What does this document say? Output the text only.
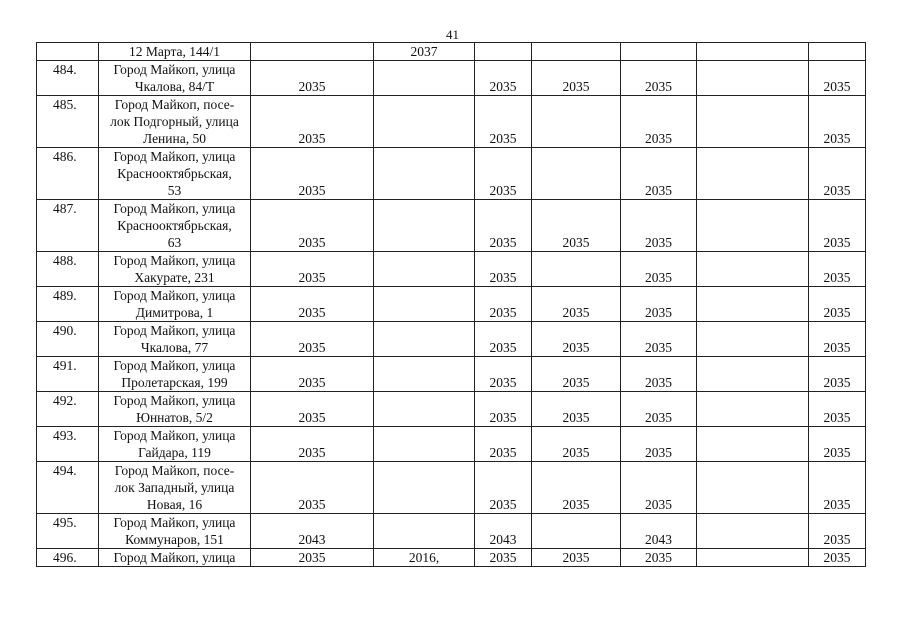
41

	12 Марта, 144/1		2037					
484.	Город Майкоп, улица
Чкалова, 84/Т	2035		2035	2035	2035		2035
485.	Город Майкоп, посе-
лок Подгорный, улица
Ленина, 50	2035		2035		2035		2035
486.	Город Майкоп, улица
Краснооктябрьская,
53	2035		2035		2035		2035
487.	Город Майкоп, улица
Краснооктябрьская,
63	2035		2035	2035	2035		2035
488.	Город Майкоп, улица
Хакурате, 231	2035		2035		2035		2035
489.	Город Майкоп, улица
Димитрова, 1	2035		2035	2035	2035		2035
490.	Город Майкоп, улица
Чкалова, 77	2035		2035	2035	2035		2035
491.	Город Майкоп, улица
Пролетарская, 199	2035		2035	2035	2035		2035
492.	Город Майкоп, улица
Юннатов, 5/2	2035		2035	2035	2035		2035
493.	Город Майкоп, улица
Гайдара, 119	2035		2035	2035	2035		2035
494.	Город Майкоп, посе-
лок Западный, улица
Новая, 16	2035		2035	2035	2035		2035
495.	Город Майкоп, улица
Коммунаров, 151	2043		2043		2043		2035
496.	Город Майкоп, улица	2035	2016,	2035	2035	2035		2035
